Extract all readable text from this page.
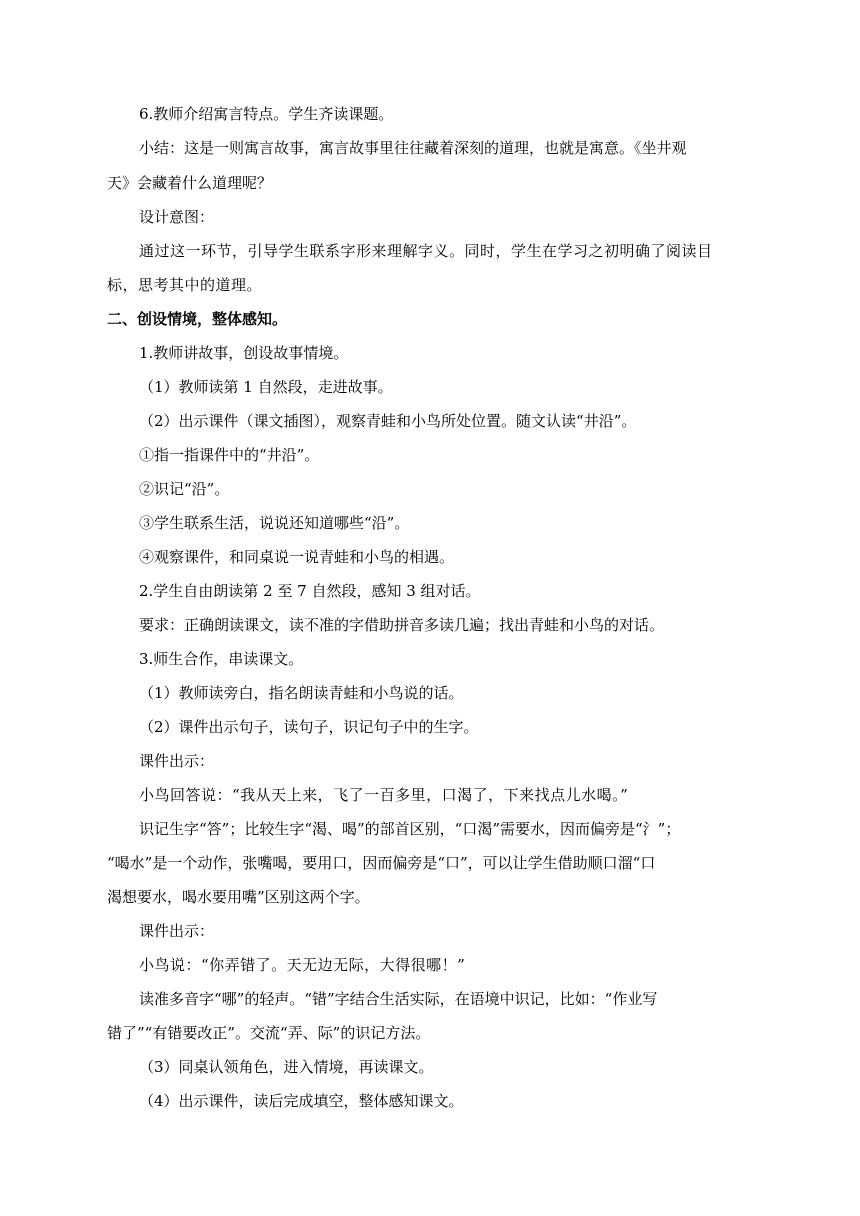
6.教师介绍寓言特点。学生齐读课题。
小结：这是一则寓言故事，寓言故事里往往藏着深刻的道理，也就是寓意。《坐井观
天》会藏着什么道理呢？
设计意图：
通过这一环节，引导学生联系字形来理解字义。同时，学生在学习之初明确了阅读目
标，思考其中的道理。
二、创设情境，整体感知。
1.教师讲故事，创设故事情境。
（1）教师读第 1 自然段，走进故事。
（2）出示课件（课文插图），观察青蛙和小鸟所处位置。随文认读“井沿”。
①指一指课件中的“井沿”。
②识记“沿”。
③学生联系生活，说说还知道哪些“沿”。
④观察课件，和同桌说一说青蛙和小鸟的相遇。
2.学生自由朗读第 2 至 7 自然段，感知 3 组对话。
要求：正确朗读课文，读不准的字借助拼音多读几遍；找出青蛙和小鸟的对话。
3.师生合作，串读课文。
（1）教师读旁白，指名朗读青蛙和小鸟说的话。
（2）课件出示句子，读句子，识记句子中的生字。
课件出示：
小鸟回答说：“我从天上来，飞了一百多里，口渴了，下来找点儿水喝。”
识记生字“答”；比较生字“渴、喝”的部首区别，“口渴”需要水，因而偏旁是“氵”；
“喝水”是一个动作，张嘴喝，要用口，因而偏旁是“口”，可以让学生借助顺口溜“口
渴想要水，喝水要用嘴”区别这两个字。
课件出示：
小鸟说：“你弄错了。天无边无际，大得很哪！”
读准多音字“哪”的轻声。“错”字结合生活实际，在语境中识记，比如：“作业写
错了”“有错要改正”。交流“弄、际”的识记方法。
（3）同桌认领角色，进入情境，再读课文。
（4）出示课件，读后完成填空，整体感知课文。
